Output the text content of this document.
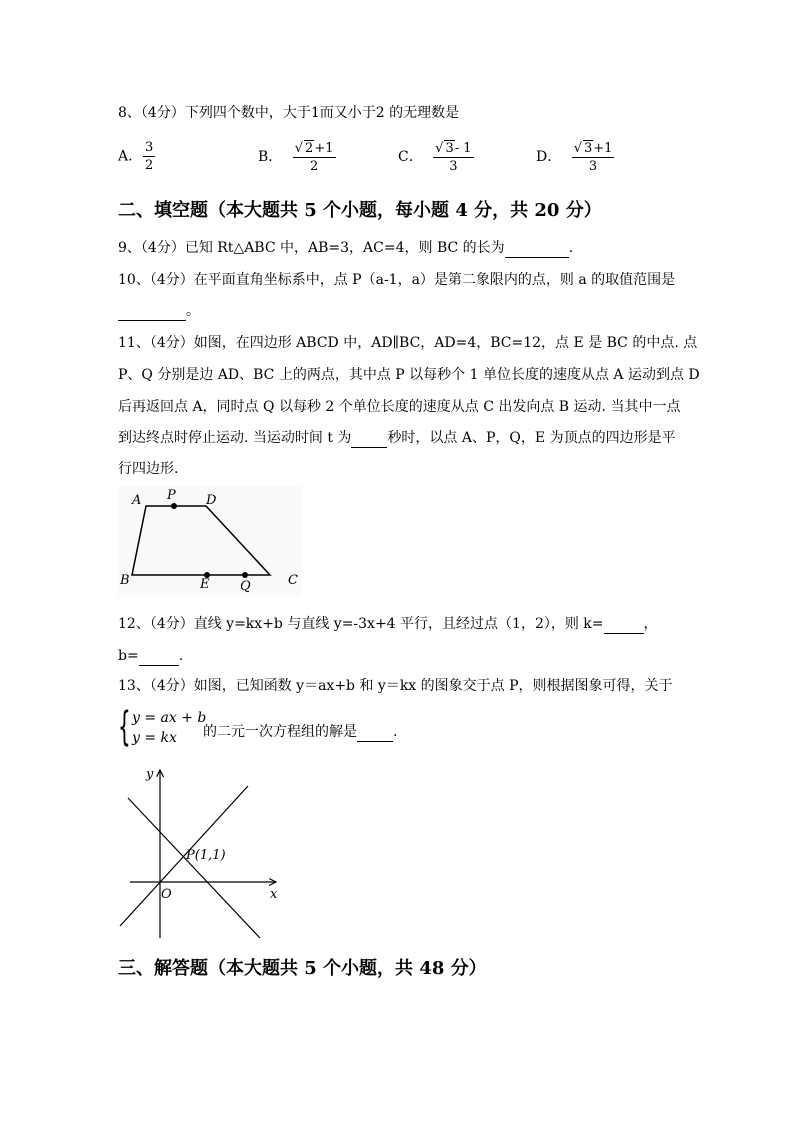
8、（4分）下列四个数中，大于1而又小于2 的无理数是
A. $\frac{3}{2}$	B． $\frac{√ 2+1}{2}$	C． $\frac{√ 3- 1}{3}$	D． $\frac{√ 3+1}{3}$
二、填空题（本大题共 5 个小题，每小题 4 分，共 20 分）
9、（4分）已知 Rt△ABC 中，AB=3，AC=4，则 BC 的长为	.
10、（4分）在平面直角坐标系中，点 P（a-1，a）是第二象限内的点，则 a 的取值范围是
。
11、（4分）如图，在四边形 ABCD 中，AD∥BC，AD=4，BC=12，点 E 是 BC 的中点. 点
P、Q 分别是边 AD、BC 上的两点，其中点 P 以每秒个 1 单位长度的速度从点 A 运动到点 D
后再返回点 A，同时点 Q 以每秒 2 个单位长度的速度从点 C 出发向点 B 运动. 当其中一点
到达终点时停止运动. 当运动时间 t 为	秒时，以点 A、P，Q，E 为顶点的四边形是平
行四边形.
A P D
B	E Q	C
12、（4分）直线 y=kx+b 与直线 y=-3x+4 平行，且经过点（1，2），则 k=	，
b=	.
13、（4分）如图，已知函数 y＝ax+b 和 y＝kx 的图象交于点 P，则根据图象可得，关于
{ y = ax + b
y = kx	的二元一次方程组的解是	.
y
x
O
P(1,1)
三、解答题（本大题共 5 个小题，共 48 分）
